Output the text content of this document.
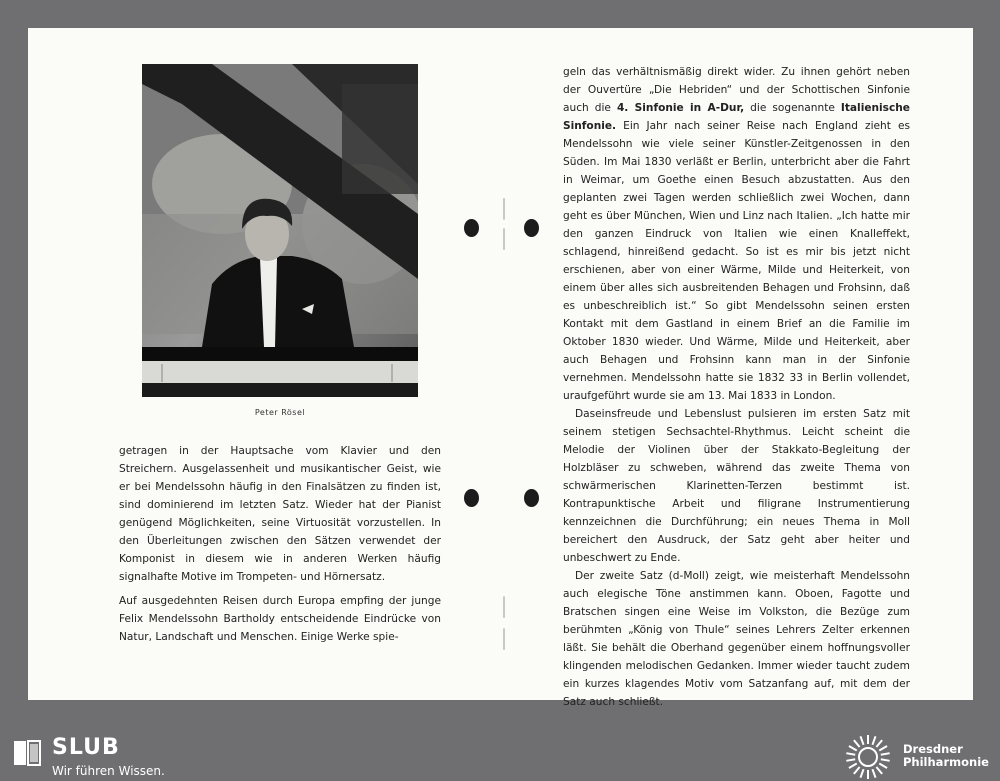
Peter Rösel

getragen in der Hauptsache vom Klavier und den Streichern. Ausgelassenheit und musikantischer Geist, wie er bei Mendelssohn häufig in den Finalsätzen zu finden ist, sind dominierend im letzten Satz. Wieder hat der Pianist genügend Möglichkeiten, seine Virtuosität vorzustellen. In den Überleitungen zwischen den Sätzen verwendet der Komponist in diesem wie in anderen Werken häufig signalhafte Motive im Trompeten- und Hörnersatz.

Auf ausgedehnten Reisen durch Europa empfing der junge Felix Mendelssohn Bartholdy entscheidende Eindrücke von Natur, Landschaft und Menschen. Einige Werke spie-

geln das verhältnismäßig direkt wider. Zu ihnen gehört neben der Ouvertüre „Die Hebriden“ und der Schottischen Sinfonie auch die 4. Sinfonie in A-Dur, die sogenannte Italienische Sinfonie. Ein Jahr nach seiner Reise nach England zieht es Mendelssohn wie viele seiner Künstler-Zeitgenossen in den Süden. Im Mai 1830 verläßt er Berlin, unterbricht aber die Fahrt in Weimar, um Goethe einen Besuch abzustatten. Aus den geplanten zwei Tagen werden schließlich zwei Wochen, dann geht es über München, Wien und Linz nach Italien. „Ich hatte mir den ganzen Eindruck von Italien wie einen Knalleffekt, schlagend, hinreißend gedacht. So ist es mir bis jetzt nicht erschienen, aber von einer Wärme, Milde und Heiterkeit, von einem über alles sich ausbreitenden Behagen und Frohsinn, daß es unbeschreiblich ist.“ So gibt Mendelssohn seinen ersten Kontakt mit dem Gastland in einem Brief an die Familie im Oktober 1830 wieder. Und Wärme, Milde und Heiterkeit, aber auch Behagen und Frohsinn kann man in der Sinfonie vernehmen. Mendelssohn hatte sie 1832 33 in Berlin vollendet, uraufgeführt wurde sie am 13. Mai 1833 in London.

Daseinsfreude und Lebenslust pulsieren im ersten Satz mit seinem stetigen Sechsachtel-Rhythmus. Leicht scheint die Melodie der Violinen über der Stakkato-Begleitung der Holzbläser zu schweben, während das zweite Thema von schwärmerischen Klarinetten-Terzen bestimmt ist. Kontrapunktische Arbeit und filigrane Instrumentierung kennzeichnen die Durchführung; ein neues Thema in Moll bereichert den Ausdruck, der Satz geht aber heiter und unbeschwert zu Ende.

Der zweite Satz (d-Moll) zeigt, wie meisterhaft Mendelssohn auch elegische Töne anstimmen kann. Oboen, Fagotte und Bratschen singen eine Weise im Volkston, die Bezüge zum berühmten „König von Thule“ seines Lehrers Zelter erkennen läßt. Sie behält die Oberhand gegenüber einem hoffnungsvoller klingenden melodischen Gedanken. Immer wieder taucht zudem ein kurzes klagendes Motiv vom Satzanfang auf, mit dem der Satz auch schließt.

SLUB
Wir führen Wissen.
Dresdner
Philharmonie
